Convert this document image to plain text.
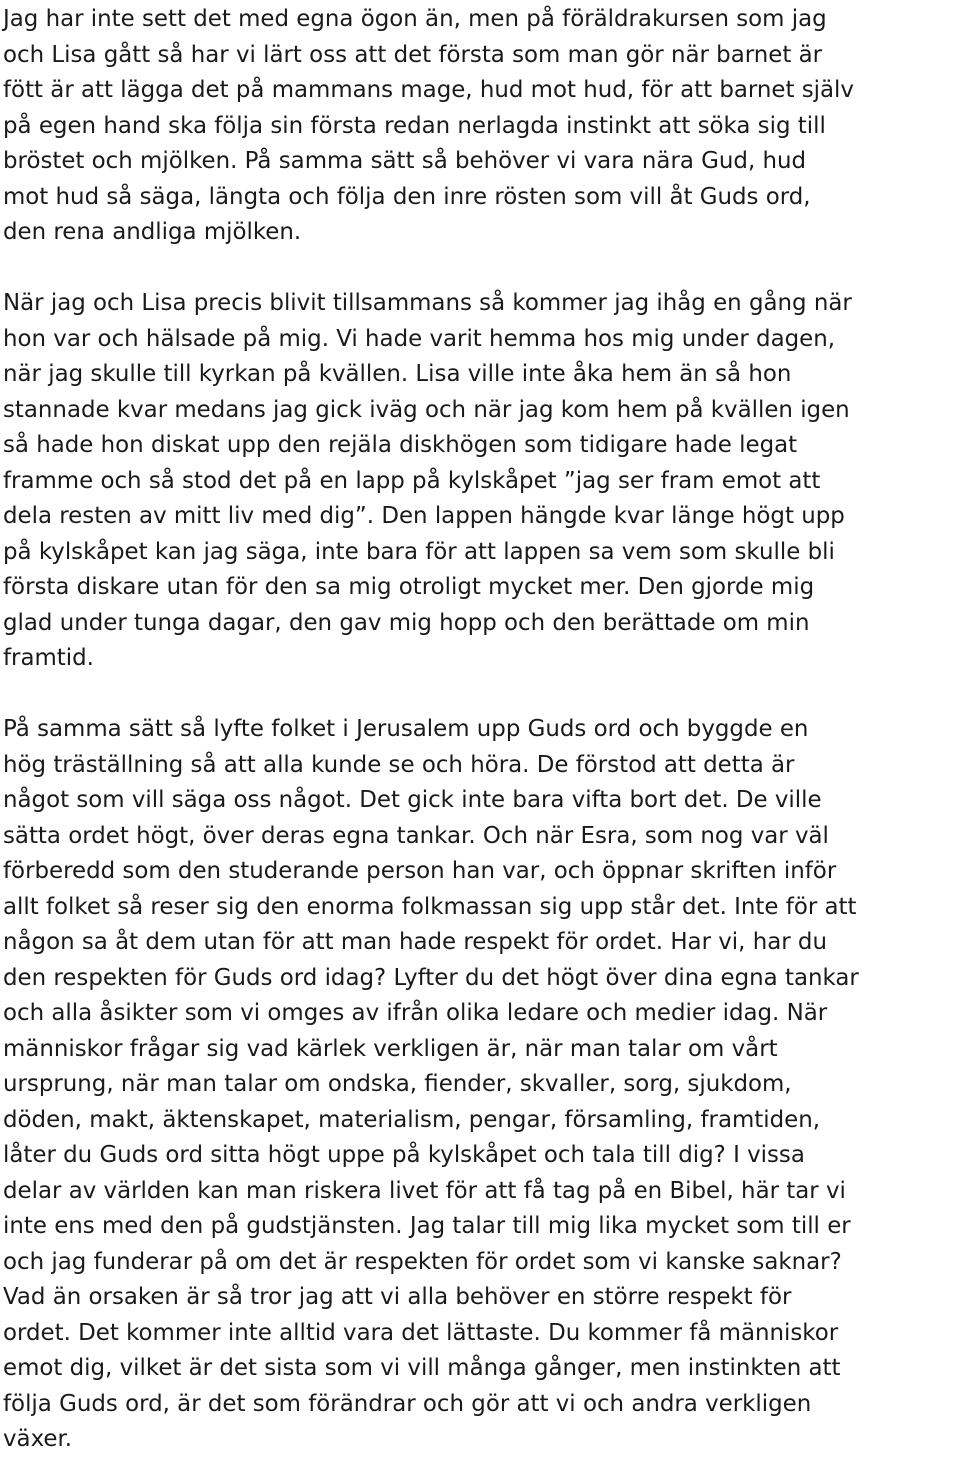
Jag har inte sett det med egna ögon än, men på föräldrakursen som jag
och Lisa gått så har vi lärt oss att det första som man gör när barnet är
fött är att lägga det på mammans mage, hud mot hud, för att barnet själv
på egen hand ska följa sin första redan nerlagda instinkt att söka sig till
bröstet och mjölken. På samma sätt så behöver vi vara nära Gud, hud
mot hud så säga, längta och följa den inre rösten som vill åt Guds ord,
den rena andliga mjölken.

När jag och Lisa precis blivit tillsammans så kommer jag ihåg en gång när
hon var och hälsade på mig. Vi hade varit hemma hos mig under dagen,
när jag skulle till kyrkan på kvällen. Lisa ville inte åka hem än så hon
stannade kvar medans jag gick iväg och när jag kom hem på kvällen igen
så hade hon diskat upp den rejäla diskhögen som tidigare hade legat
framme och så stod det på en lapp på kylskåpet ”jag ser fram emot att
dela resten av mitt liv med dig”. Den lappen hängde kvar länge högt upp
på kylskåpet kan jag säga, inte bara för att lappen sa vem som skulle bli
första diskare utan för den sa mig otroligt mycket mer. Den gjorde mig
glad under tunga dagar, den gav mig hopp och den berättade om min
framtid.

På samma sätt så lyfte folket i Jerusalem upp Guds ord och byggde en
hög träställning så att alla kunde se och höra. De förstod att detta är
något som vill säga oss något. Det gick inte bara vifta bort det. De ville
sätta ordet högt, över deras egna tankar. Och när Esra, som nog var väl
förberedd som den studerande person han var, och öppnar skriften inför
allt folket så reser sig den enorma folkmassan sig upp står det. Inte för att
någon sa åt dem utan för att man hade respekt för ordet. Har vi, har du
den respekten för Guds ord idag? Lyfter du det högt över dina egna tankar
och alla åsikter som vi omges av ifrån olika ledare och medier idag. När
människor frågar sig vad kärlek verkligen är, när man talar om vårt
ursprung, när man talar om ondska, fiender, skvaller, sorg, sjukdom,
döden, makt, äktenskapet, materialism, pengar, församling, framtiden,
låter du Guds ord sitta högt uppe på kylskåpet och tala till dig? I vissa
delar av världen kan man riskera livet för att få tag på en Bibel, här tar vi
inte ens med den på gudstjänsten. Jag talar till mig lika mycket som till er
och jag funderar på om det är respekten för ordet som vi kanske saknar?
Vad än orsaken är så tror jag att vi alla behöver en större respekt för
ordet. Det kommer inte alltid vara det lättaste. Du kommer få människor
emot dig, vilket är det sista som vi vill många gånger, men instinkten att
följa Guds ord, är det som förändrar och gör att vi och andra verkligen
växer.
